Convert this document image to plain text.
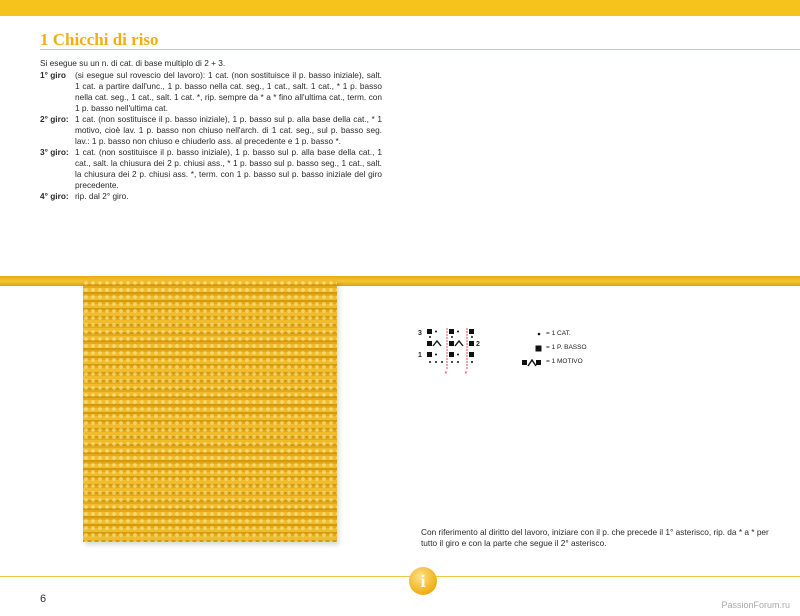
1 Chicchi di riso

Si esegue su un n. di cat. di base multiplo di 2 + 3.

1° giro	(si esegue sul rovescio del lavoro): 1 cat. (non sostituisce il p. basso iniziale), salt. 1 cat. a partire dall'unc., 1 p. basso nella cat. seg., 1 cat., salt. 1 cat., * 1 p. basso nella cat. seg., 1 cat., salt. 1 cat. *, rip. sempre da * a * fino all'ultima cat., term. con 1 p. basso nell'ultima cat.
2° giro: 1 cat. (non sostituisce il p. basso iniziale), 1 p. basso sul p. alla base della cat., * 1 motivo, cioè lav. 1 p. basso non chiuso nell'arch. di 1 cat. seg., sul p. basso seg. lav.: 1 p. basso non chiuso e chiuderlo ass. al precedente e 1 p. basso *.
3° giro: 1 cat. (non sostituisce il p. basso iniziale), 1 p. basso sul p. alla base della cat., 1 cat., salt. la chiusura dei 2 p. chiusi ass., * 1 p. basso sul p. basso seg., 1 cat., salt. la chiusura dei 2 p. chiusi ass. *, term. con 1 p. basso sul p. basso iniziale del giro precedente.
4° giro: rip. dal 2° giro.
3
2
1
* *
= 1 CAT.
= 1 P. BASSO
= 1 MOTIVO
Con riferimento al diritto del lavoro, iniziare con il p. che precede il 1° asterisco, rip. da * a * per tutto il giro e con la parte che segue il 2° asterisco.
i
6	PassionForum.ru
